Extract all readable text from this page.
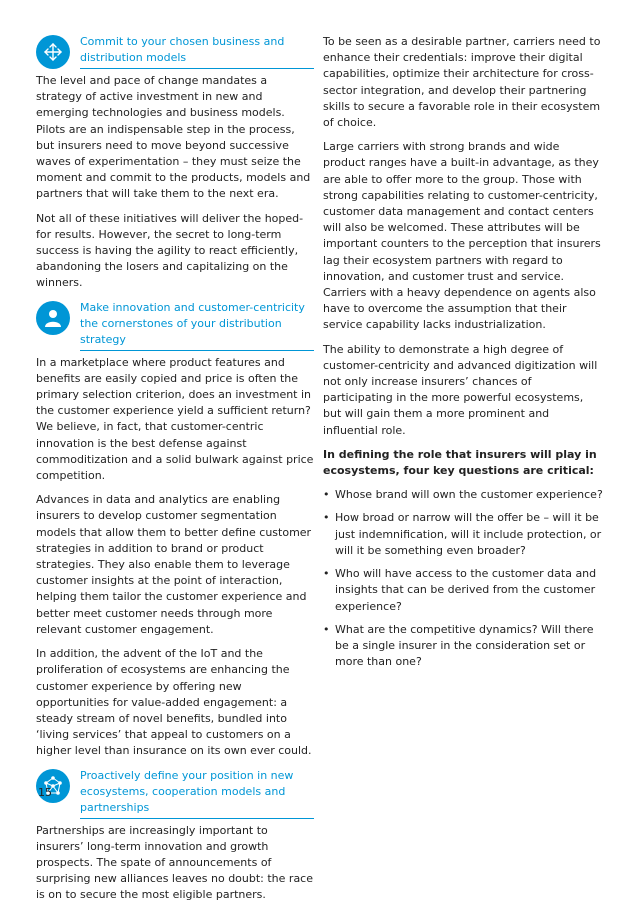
Commit to your chosen business and distribution models

The level and pace of change mandates a strategy of active investment in new and emerging technologies and business models. Pilots are an indispensable step in the process, but insurers need to move beyond successive waves of experimentation – they must seize the moment and commit to the products, models and partners that will take them to the next era.

Not all of these initiatives will deliver the hoped-for results. However, the secret to long-term success is having the agility to react efficiently, abandoning the losers and capitalizing on the winners.

Make innovation and customer-centricity the cornerstones of your distribution strategy

In a marketplace where product features and benefits are easily copied and price is often the primary selection criterion, does an investment in the customer experience yield a sufficient return? We believe, in fact, that customer-centric innovation is the best defense against commoditization and a solid bulwark against price competition.

Advances in data and analytics are enabling insurers to develop customer segmentation models that allow them to better define customer strategies in addition to brand or product strategies. They also enable them to leverage customer insights at the point of interaction, helping them tailor the customer experience and better meet customer needs through more relevant customer engagement.

In addition, the advent of the IoT and the proliferation of ecosystems are enhancing the customer experience by offering new opportunities for value-added engagement: a steady stream of novel benefits, bundled into ‘living services’ that appeal to customers on a higher level than insurance on its own ever could.

Proactively define your position in new ecosystems, cooperation models and partnerships

Partnerships are increasingly important to insurers’ long-term innovation and growth prospects. The spate of announcements of surprising new alliances leaves no doubt: the race is on to secure the most eligible partners.

To be seen as a desirable partner, carriers need to enhance their credentials: improve their digital capabilities, optimize their architecture for cross-sector integration, and develop their partnering skills to secure a favorable role in their ecosystem of choice.

Large carriers with strong brands and wide product ranges have a built-in advantage, as they are able to offer more to the group. Those with strong capabilities relating to customer-centricity, customer data management and contact centers will also be welcomed. These attributes will be important counters to the perception that insurers lag their ecosystem partners with regard to innovation, and customer trust and service. Carriers with a heavy dependence on agents also have to overcome the assumption that their service capability lacks industrialization.

The ability to demonstrate a high degree of customer-centricity and advanced digitization will not only increase insurers’ chances of participating in the more powerful ecosystems, but will gain them a more prominent and influential role.

In defining the role that insurers will play in ecosystems, four key questions are critical:

• Whose brand will own the customer experience?
• How broad or narrow will the offer be – will it be just indemnification, will it include protection, or will it be something even broader?
• Who will have access to the customer data and insights that can be derived from the customer experience?
• What are the competitive dynamics? Will there be a single insurer in the consideration set or more than one?
15
